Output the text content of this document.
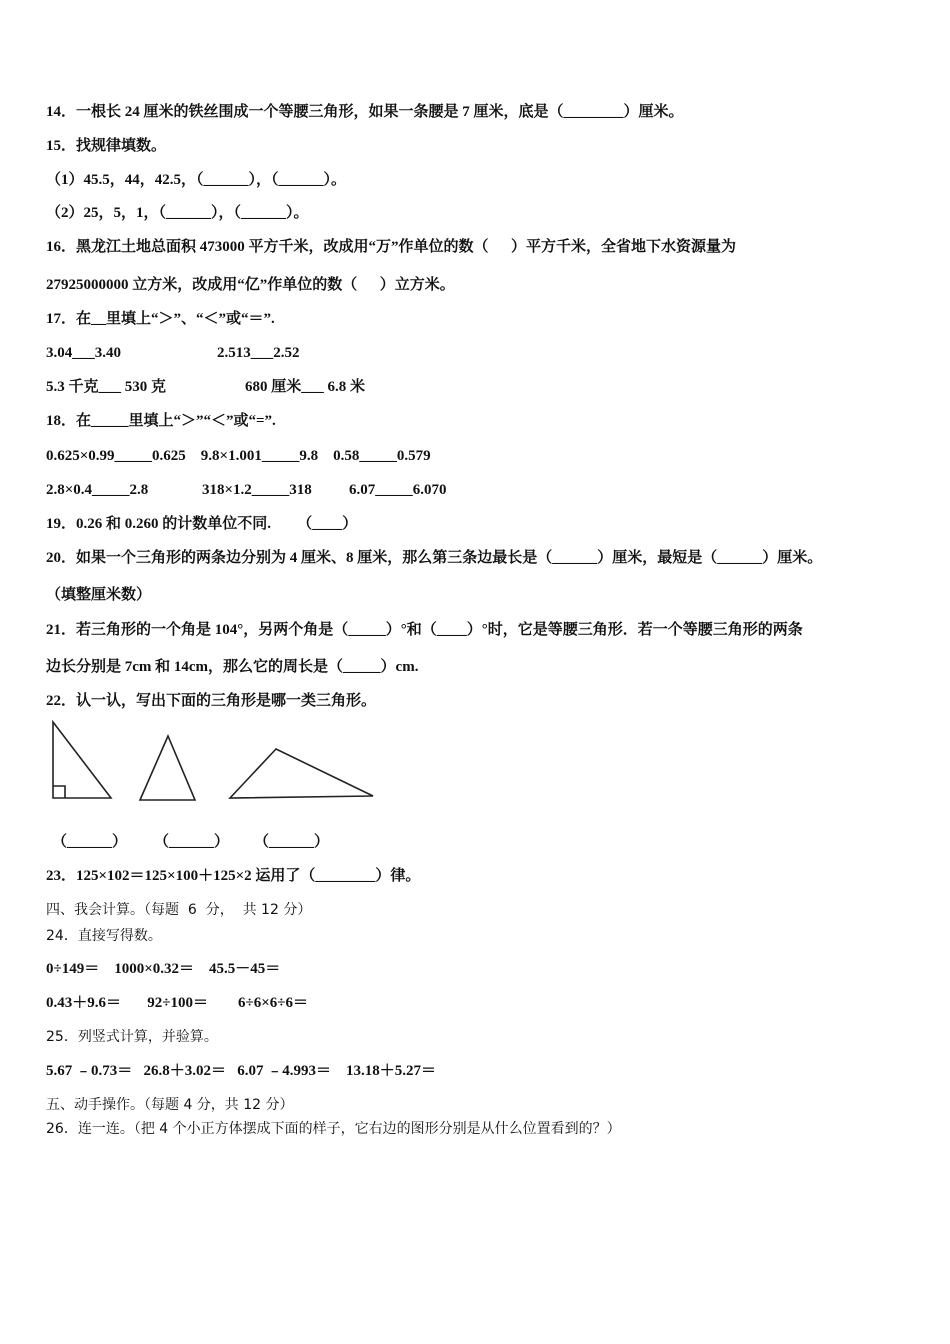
14．一根长 24 厘米的铁丝围成一个等腰三角形，如果一条腰是 7 厘米，底是（________）厘米。
15．找规律填数。
（1）45.5，44，42.5，（______），（______）。
（2）25，5，1，（______），（______）。
16．黑龙江土地总面积 473000 平方千米，改成用“万”作单位的数（      ）平方千米，全省地下水资源量为
27925000000 立方米，改成用“亿”作单位的数（      ）立方米。
17．在__里填上“＞”、“＜”或“＝”.
3.04___3.40	2.513___2.52
5.3 千克___ 530 克	680 厘米___ 6.8 米
18．在_____里填上“＞”“＜”或“=”.
0.625×0.99_____0.625    9.8×1.001_____9.8    0.58_____0.579
2.8×0.4_____2.8	318×1.2_____318 6.07_____6.070
19．0.26 和 0.260 的计数单位不同.       （____）
20．如果一个三角形的两条边分别为 4 厘米、8 厘米，那么第三条边最长是（______）厘米，最短是（______）厘米。
（填整厘米数）
21．若三角形的一个角是 104°，另两个角是（_____）°和（____）°时，它是等腰三角形．若一个等腰三角形的两条
边长分别是 7cm 和 14cm，那么它的周长是（_____）cm.
22．认一认，写出下面的三角形是哪一类三角形。
（______） （______） （______）
23．125×102＝125×100＋125×2 运用了（________）律。
四、我会计算。（每题  6  分，  共 12 分）
24．直接写得数。
0÷149＝    1000×0.32＝    45.5－45＝
0.43＋9.6＝       92÷100＝        6÷6×6÷6＝
25．列竖式计算，并验算。
5.67 ﹣0.73＝   26.8＋3.02＝   6.07 ﹣4.993＝    13.18＋5.27＝
五、动手操作。（每题 4 分，共 12 分）
26．连一连。（把 4 个小正方体摆成下面的样子，它右边的图形分别是从什么位置看到的？）
